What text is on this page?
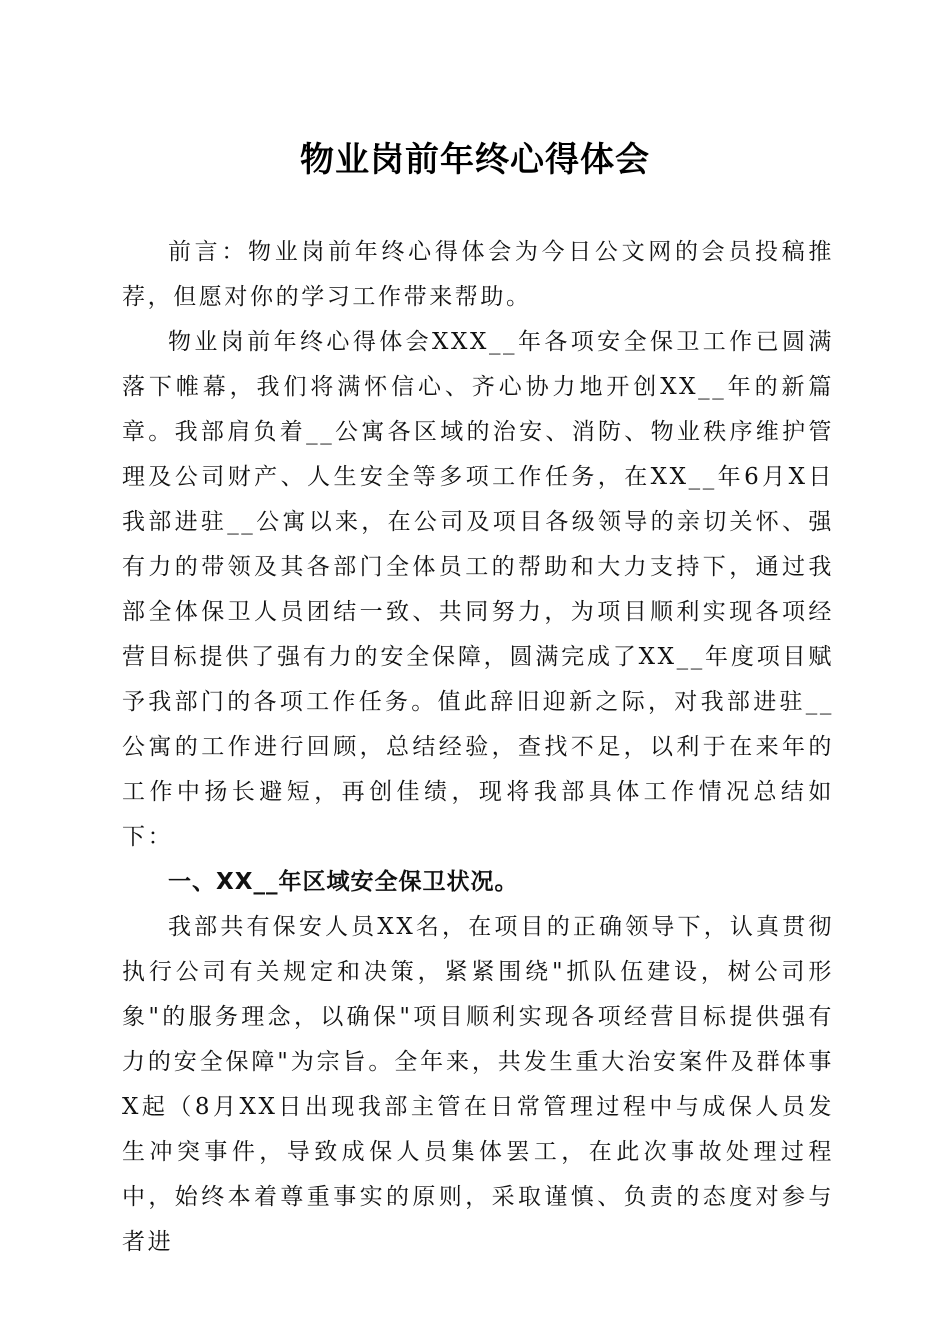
物业岗前年终心得体会

前言：物业岗前年终心得体会为今日公文网的会员投稿推荐，但愿对你的学习工作带来帮助。

物业岗前年终心得体会XXX__年各项安全保卫工作已圆满落下帷幕，我们将满怀信心、齐心协力地开创XX__年的新篇章。我部肩负着__公寓各区域的治安、消防、物业秩序维护管理及公司财产、人生安全等多项工作任务，在XX__年6月X日我部进驻__公寓以来，在公司及项目各级领导的亲切关怀、强有力的带领及其各部门全体员工的帮助和大力支持下，通过我部全体保卫人员团结一致、共同努力，为项目顺利实现各项经营目标提供了强有力的安全保障，圆满完成了XX__年度项目赋予我部门的各项工作任务。值此辞旧迎新之际，对我部进驻__公寓的工作进行回顾，总结经验，查找不足，以利于在来年的工作中扬长避短，再创佳绩，现将我部具体工作情况总结如下：

一、XX__年区域安全保卫状况。

我部共有保安人员XX名，在项目的正确领导下，认真贯彻执行公司有关规定和决策，紧紧围绕"抓队伍建设，树公司形象"的服务理念，以确保"项目顺利实现各项经营目标提供强有力的安全保障"为宗旨。全年来，共发生重大治安案件及群体事X起（8月XX日出现我部主管在日常管理过程中与成保人员发生冲突事件，导致成保人员集体罢工，在此次事故处理过程中，始终本着尊重事实的原则，采取谨慎、负责的态度对参与者进
